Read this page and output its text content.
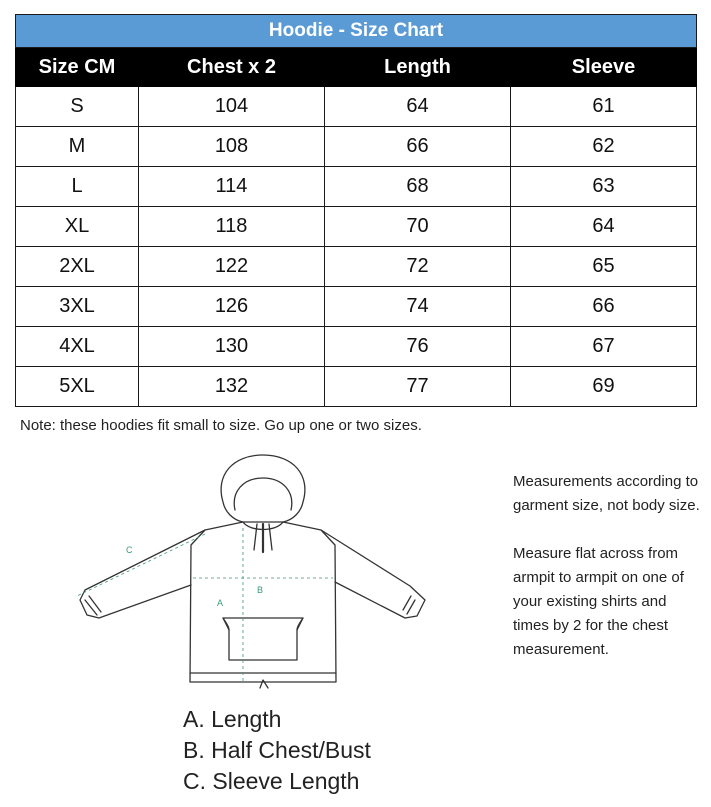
Hoodie - Size Chart			
Size CM	Chest x 2	Length	Sleeve
S	104	64	61
M	108	66	62
L	114	68	63
XL	118	70	64
2XL	122	72	65
3XL	126	74	66
4XL	130	76	67
5XL	132	77	69
Note: these hoodies fit small to size. Go up one or two sizes.
A
B
C
A. Length
B. Half Chest/Bust
C. Sleeve Length

Measurements according to garment size, not body size.

Measure flat across from armpit to armpit on one of your existing shirts and times by 2 for the chest measurement.
